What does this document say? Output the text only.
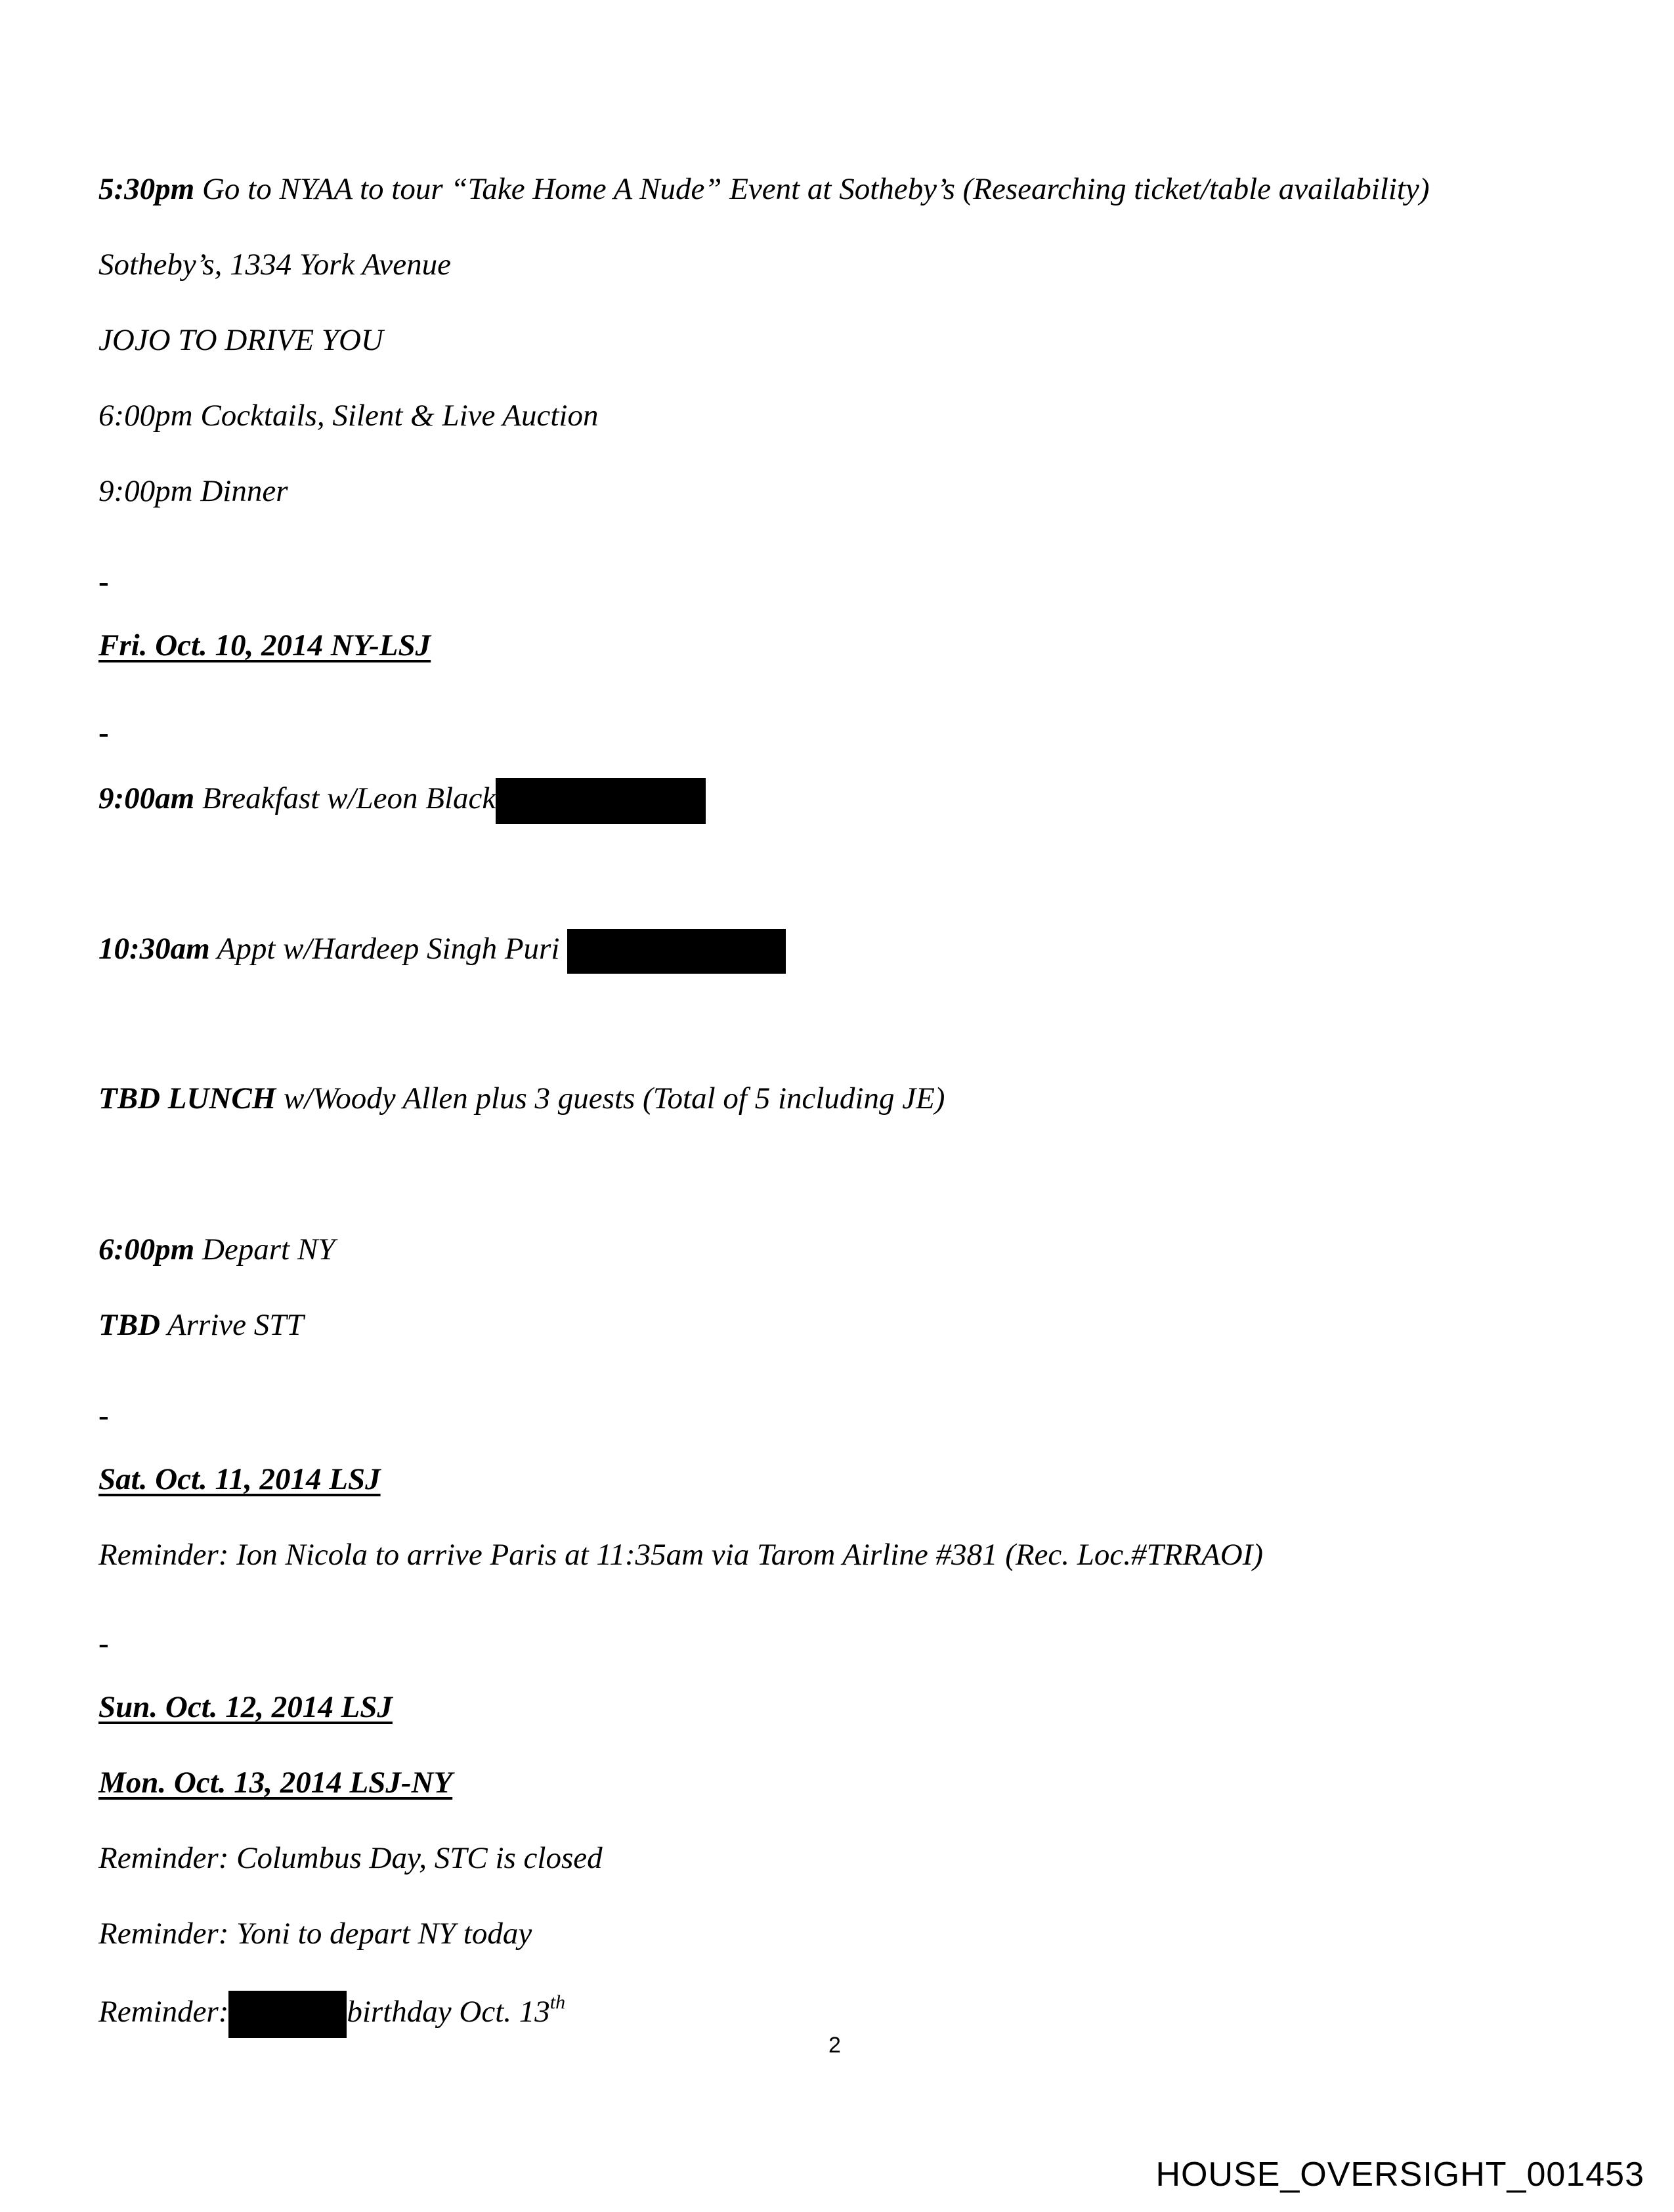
5:30pm Go to NYAA to tour “Take Home A Nude” Event at Sotheby’s (Researching ticket/table availability)
Sotheby’s, 1334 York Avenue
JOJO TO DRIVE YOU
6:00pm Cocktails, Silent & Live Auction
9:00pm Dinner
-
Fri. Oct. 10, 2014 NY-LSJ
-
9:00am Breakfast w/Leon Black
10:30am Appt w/Hardeep Singh Puri
TBD LUNCH w/Woody Allen plus 3 guests (Total of 5 including JE)
6:00pm Depart NY
TBD Arrive STT
-
Sat. Oct. 11, 2014 LSJ
Reminder: Ion Nicola to arrive Paris at 11:35am via Tarom Airline #381 (Rec. Loc.#TRRAOI)
-
Sun. Oct. 12, 2014 LSJ
Mon. Oct. 13, 2014 LSJ-NY
Reminder: Columbus Day, STC is closed
Reminder: Yoni to depart NY today
Reminder:	birthday Oct. 13th
2
HOUSE_OVERSIGHT_001453
